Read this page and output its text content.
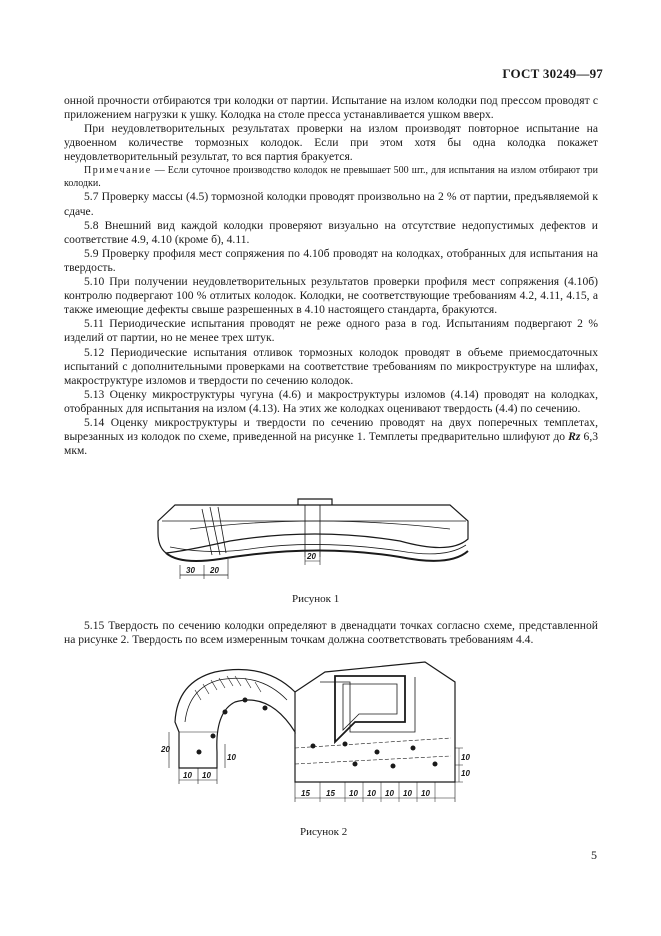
ГОСТ 30249—97

онной прочности отбираются три колодки от партии. Испытание на излом колодки под прессом проводят с приложением нагрузки к ушку. Колодка на столе пресса устанавливается ушком вверх.

При неудовлетворительных результатах проверки на излом производят повторное испытание на удвоенном количестве тормозных колодок. Если при этом хотя бы одна колодка покажет неудовлетворительный результат, то вся партия бракуется.

Примечание — Если суточное производство колодок не превышает 500 шт., для испытания на излом отбирают три колодки.

5.7 Проверку массы (4.5) тормозной колодки проводят произвольно на 2 % от партии, предъявляемой к сдаче.

5.8 Внешний вид каждой колодки проверяют визуально на отсутствие недопустимых дефектов и соответствие 4.9, 4.10 (кроме б), 4.11.

5.9 Проверку профиля мест сопряжения по 4.10б проводят на колодках, отобранных для испытания на твердость.

5.10 При получении неудовлетворительных результатов проверки профиля мест сопряжения (4.10б) контролю подвергают 100 % отлитых колодок. Колодки, не соответствующие требованиям 4.2, 4.11, 4.15, а также имеющие дефекты свыше разрешенных в 4.10 настоящего стандарта, бракуются.

5.11 Периодические испытания проводят не реже одного раза в год. Испытаниям подвергают 2 % изделий от партии, но не менее трех штук.

5.12 Периодические испытания отливок тормозных колодок проводят в объеме приемосдаточных испытаний с дополнительными проверками на соответствие требованиям по микроструктуре на шлифах, макроструктуре изломов и твердости по сечению колодок.

5.13 Оценку микроструктуры чугуна (4.6) и макроструктуры изломов (4.14) проводят на колодках, отобранных для испытания на излом (4.13). На этих же колодках оценивают твердость (4.4) по сечению.

5.14 Оценку микроструктуры и твердости по сечению проводят на двух поперечных темплетах, вырезанных из колодок по схеме, приведенной на рисунке 1. Темплеты предварительно шлифуют до Rz 6,3 мкм.

30 20
20
Рисунок 1

5.15 Твердость по сечению колодки определяют в двенадцати точках согласно схеме, представленной на рисунке 2. Твердость по всем измеренным точкам должна соответствовать требованиям 4.4.

20
10 10
10
15 15 10 10 10 10 10
10
10
Рисунок 2
5
